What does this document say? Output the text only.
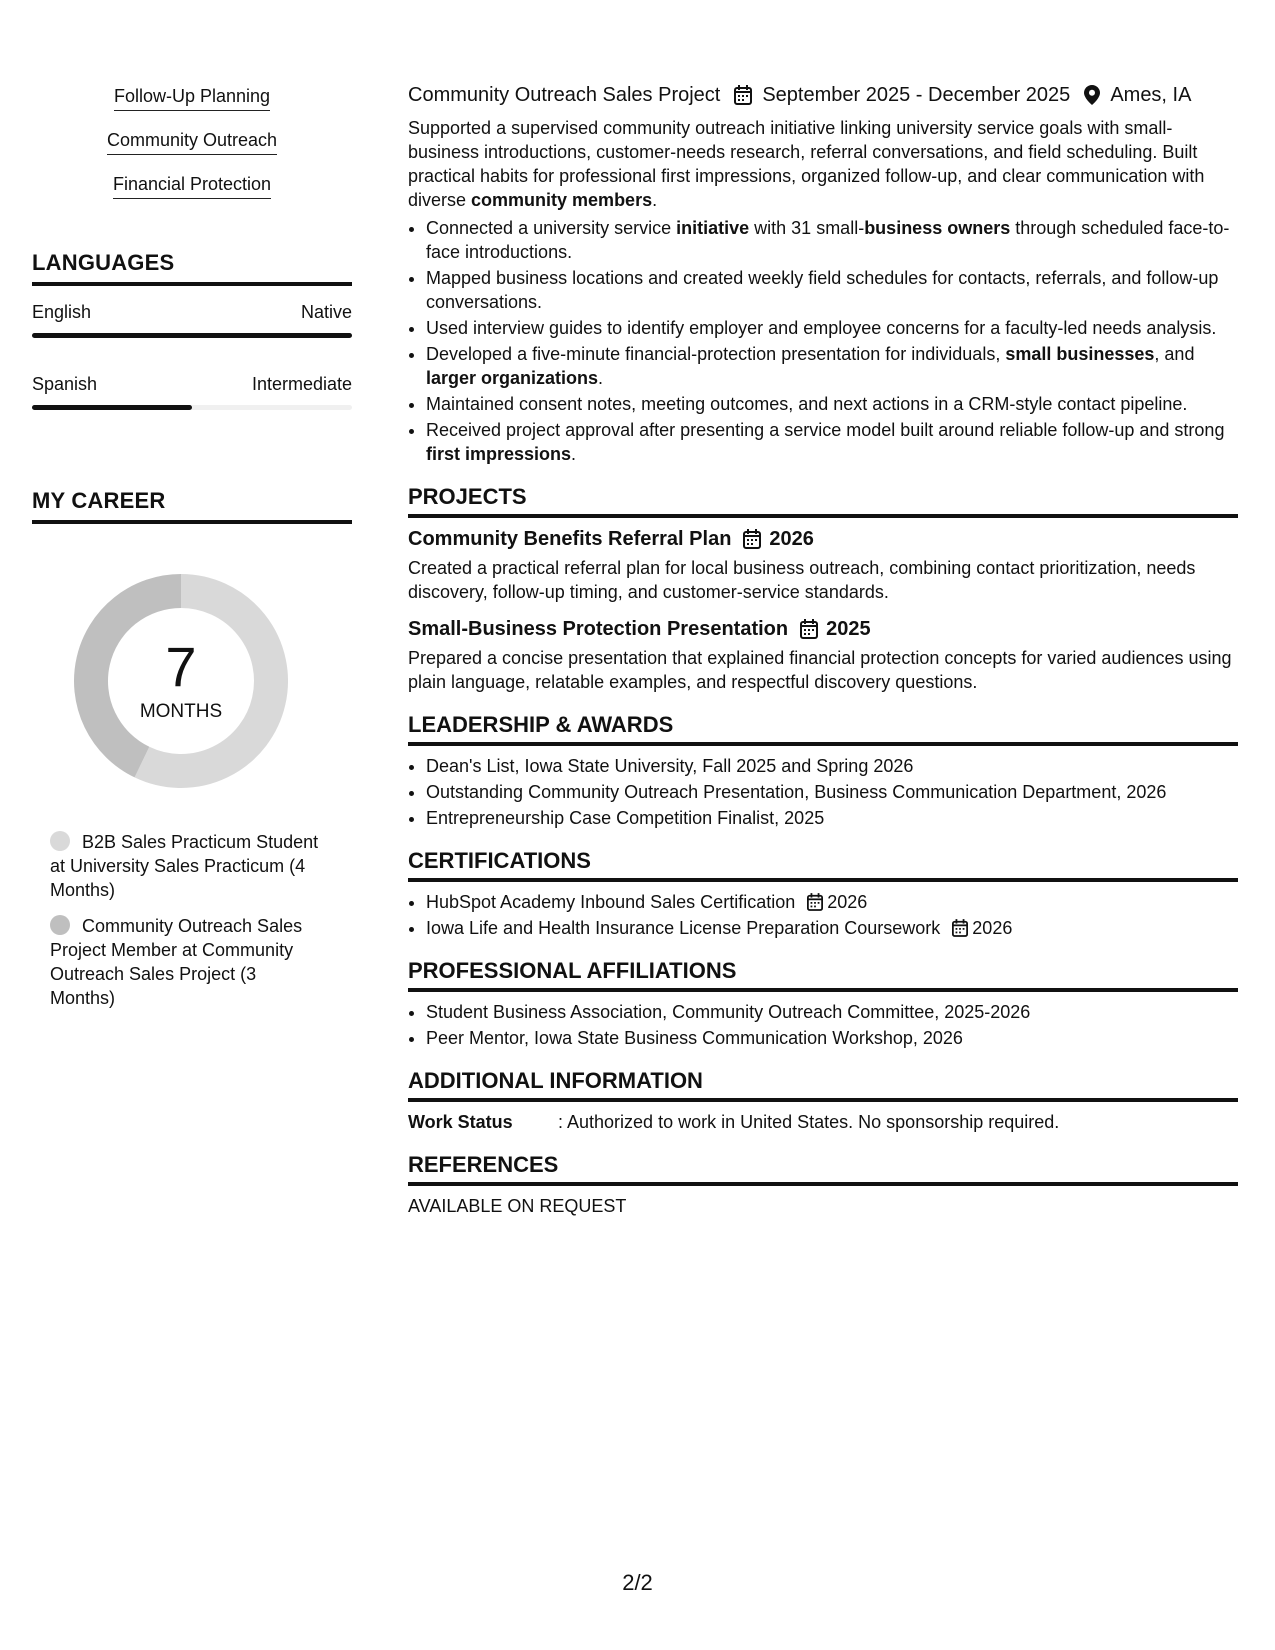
Follow-Up Planning
Community Outreach
Financial Protection
LANGUAGES
English	Native
Spanish	Intermediate
MY CAREER
7
MONTHS
B2B Sales Practicum Student at University Sales Practicum (4 Months)
Community Outreach Sales Project Member at Community Outreach Sales Project (3 Months)
Community Outreach Sales Project September 2025 - December 2025 Ames, IA

Supported a supervised community outreach initiative linking university service goals with small-business introductions, customer-needs research, referral conversations, and field scheduling. Built practical habits for professional first impressions, organized follow-up, and clear communication with diverse community members.

• Connected a university service initiative with 31 small-business owners through scheduled face-to-face introductions.
• Mapped business locations and created weekly field schedules for contacts, referrals, and follow-up conversations.
• Used interview guides to identify employer and employee concerns for a faculty-led needs analysis.
• Developed a five-minute financial-protection presentation for individuals, small businesses, and larger organizations.
• Maintained consent notes, meeting outcomes, and next actions in a CRM-style contact pipeline.
• Received project approval after presenting a service model built around reliable follow-up and strong first impressions.
PROJECTS
Community Benefits Referral Plan 2026
Created a practical referral plan for local business outreach, combining contact prioritization, needs discovery, follow-up timing, and customer-service standards.
Small-Business Protection Presentation 2025
Prepared a concise presentation that explained financial protection concepts for varied audiences using plain language, relatable examples, and respectful discovery questions.
LEADERSHIP & AWARDS
• Dean's List, Iowa State University, Fall 2025 and Spring 2026
• Outstanding Community Outreach Presentation, Business Communication Department, 2026
• Entrepreneurship Case Competition Finalist, 2025
CERTIFICATIONS
• HubSpot Academy Inbound Sales Certification 2026
• Iowa Life and Health Insurance License Preparation Coursework 2026
PROFESSIONAL AFFILIATIONS
• Student Business Association, Community Outreach Committee, 2025-2026
• Peer Mentor, Iowa State Business Communication Workshop, 2026
ADDITIONAL INFORMATION
Work Status	: Authorized to work in United States. No sponsorship required.
REFERENCES
AVAILABLE ON REQUEST
2/2
